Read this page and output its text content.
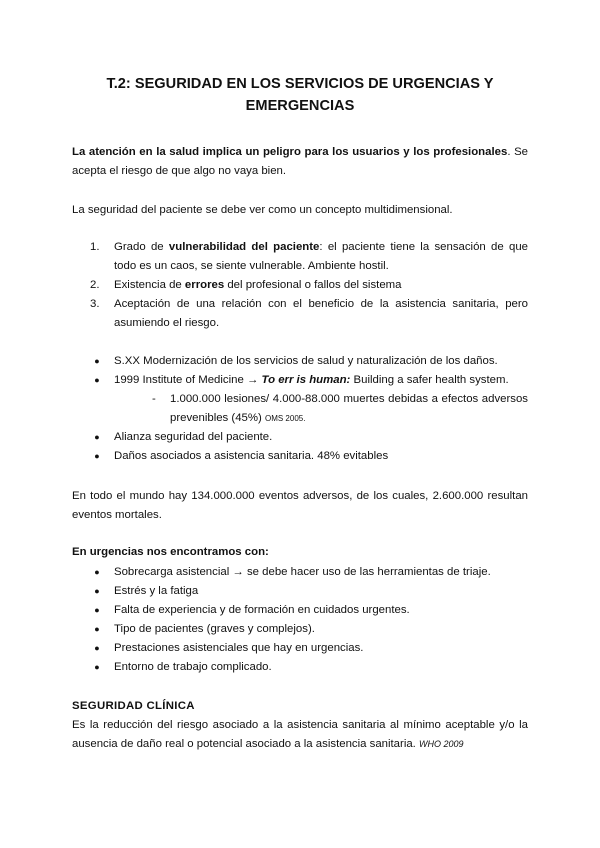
T.2: SEGURIDAD EN LOS SERVICIOS DE URGENCIAS Y
EMERGENCIAS

La atención en la salud implica un peligro para los usuarios y los profesionales. Se acepta el riesgo de que algo no vaya bien.

La seguridad del paciente se debe ver como un concepto multidimensional.

1.	Grado de vulnerabilidad del paciente: el paciente tiene la sensación de que todo es un caos, se siente vulnerable. Ambiente hostil.
2.	Existencia de errores del profesional o fallos del sistema
3.	Aceptación de una relación con el beneficio de la asistencia sanitaria, pero asumiendo el riesgo.
●	S.XX Modernización de los servicios de salud y naturalización de los daños.
●	1999 Institute of Medicine → To err is human: Building a safer health system.
- 1.000.000 lesiones/ 4.000-88.000 muertes debidas a efectos adversos prevenibles (45%) OMS 2005.
●	Alianza seguridad del paciente.
●	Daños asociados a asistencia sanitaria. 48% evitables

En todo el mundo hay 134.000.000 eventos adversos, de los cuales, 2.600.000 resultan eventos mortales.

En urgencias nos encontramos con:

●	Sobrecarga asistencial → se debe hacer uso de las herramientas de triaje.
●	Estrés y la fatiga
●	Falta de experiencia y de formación en cuidados urgentes.
●	Tipo de pacientes (graves y complejos).
●	Prestaciones asistenciales que hay en urgencias.
●	Entorno de trabajo complicado.

SEGURIDAD CLÍNICA

Es la reducción del riesgo asociado a la asistencia sanitaria al mínimo aceptable y/o la ausencia de daño real o potencial asociado a la asistencia sanitaria. WHO 2009
